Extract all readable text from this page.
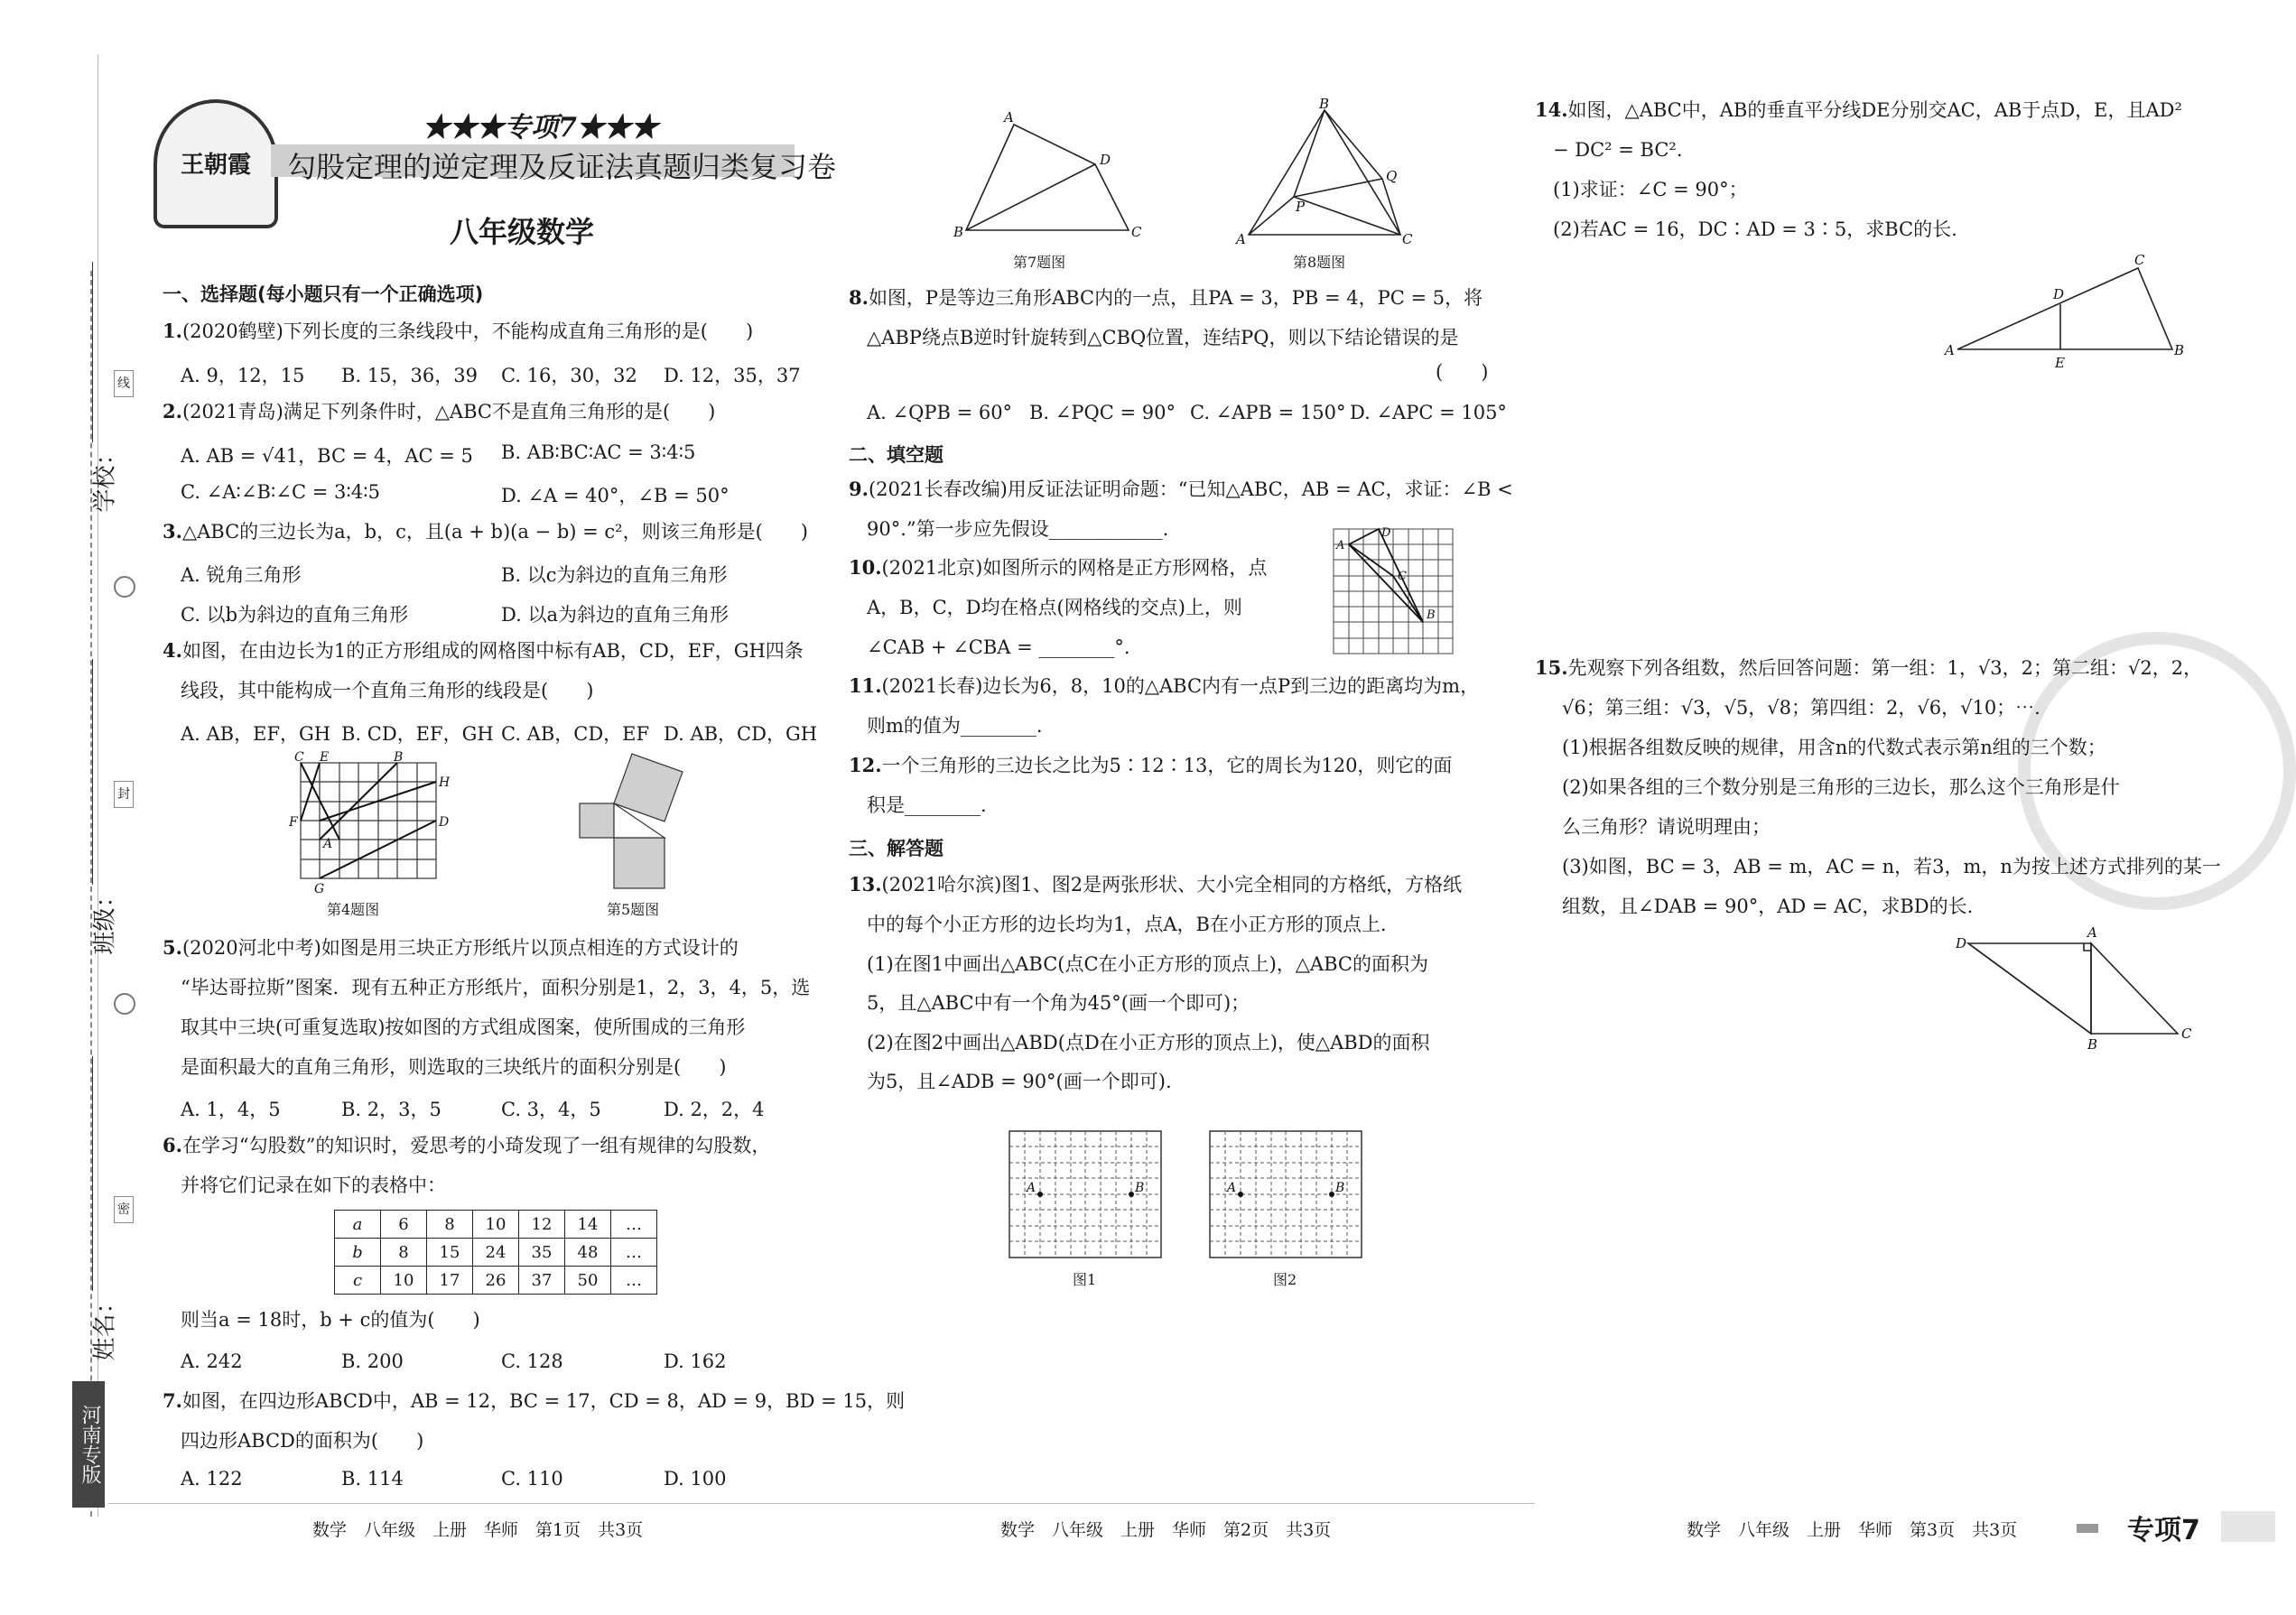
学校：
班级：
姓名：
线
封
密
河南专版
王朝霞
★★★专项7★★★
勾股定理的逆定理及反证法真题归类复习卷
八年级数学
一、选择题(每小题只有一个正确选项)
1.(2020鹤壁)下列长度的三条线段中，不能构成直角三角形的是(　　)
A. 9，12，15 B. 15，36，39 C. 16，30，32 D. 12，35，37
2.(2021青岛)满足下列条件时，△ABC不是直角三角形的是(　　)
A. AB = √41，BC = 4，AC = 5 B. AB∶BC∶AC = 3∶4∶5
C. ∠A∶∠B∶∠C = 3∶4∶5	D. ∠A = 40°，∠B = 50°
3.△ABC的三边长为a，b，c，且(a + b)(a − b) = c²，则该三角形是(　　)
A. 锐角三角形	B. 以c为斜边的直角三角形
C. 以b为斜边的直角三角形	D. 以a为斜边的直角三角形
4.如图，在由边长为1的正方形组成的网格图中标有AB，CD，EF，GH四条
线段，其中能构成一个直角三角形的线段是(　　)
A. AB，EF，GH B. CD，EF，GH C. AB，CD，EF D. AB，CD，GH
C E	B
H
F
A
D
G
第4题图	第5题图
5.(2020河北中考)如图是用三块正方形纸片以顶点相连的方式设计的
“毕达哥拉斯”图案．现有五种正方形纸片，面积分别是1，2，3，4，5，选
取其中三块(可重复选取)按如图的方式组成图案，使所围成的三角形
是面积最大的直角三角形，则选取的三块纸片的面积分别是(　　)
A. 1，4，5	B. 2，3，5	C. 3，4，5	D. 2，2，4
6.在学习“勾股数”的知识时，爱思考的小琦发现了一组有规律的勾股数，
并将它们记录在如下的表格中：
a	6	8	10	12	14	…
b	8	15	24	35	48	…
c	10	17	26	37	50	…
则当a = 18时，b + c的值为(　　)
A. 242	B. 200	C. 128	D. 162
7.如图，在四边形ABCD中，AB = 12，BC = 17，CD = 8，AD = 9，BD = 15，则
四边形ABCD的面积为(　　)
A. 122	B. 114	C. 110	D. 100
A
D
B	C
第7题图
B
Q
P
A	C
第8题图
8.如图，P是等边三角形ABC内的一点，且PA = 3，PB = 4，PC = 5，将
△ABP绕点B逆时针旋转到△CBQ位置，连结PQ，则以下结论错误的是
(　　)
A. ∠QPB = 60° B. ∠PQC = 90° C. ∠APB = 150° D. ∠APC = 105°
二、填空题
9.(2021长春改编)用反证法证明命题：“已知△ABC，AB = AC，求证：∠B <
90°.”第一步应先假设____________.
10.(2021北京)如图所示的网格是正方形网格，点
A，B，C，D均在格点(网格线的交点)上，则
∠CAB + ∠CBA = ________°.
A
D
C
B
11.(2021长春)边长为6，8，10的△ABC内有一点P到三边的距离均为m，
则m的值为________.
12.一个三角形的三边长之比为5∶12∶13，它的周长为120，则它的面
积是________.
三、解答题
13.(2021哈尔滨)图1、图2是两张形状、大小完全相同的方格纸，方格纸
中的每个小正方形的边长均为1，点A，B在小正方形的顶点上．
(1)在图1中画出△ABC(点C在小正方形的顶点上)，△ABC的面积为
5，且△ABC中有一个角为45°(画一个即可)；
(2)在图2中画出△ABD(点D在小正方形的顶点上)，使△ABD的面积
为5，且∠ADB = 90°(画一个即可).
A	B
图1
A	B
图2
14.如图，△ABC中，AB的垂直平分线DE分别交AC，AB于点D，E，且AD²
− DC² = BC².
(1)求证：∠C = 90°；
(2)若AC = 16，DC∶AD = 3∶5，求BC的长.
A
C
D
E
B
15.先观察下列各组数，然后回答问题：第一组：1，√3，2；第二组：√2，2，
√6；第三组：√3，√5，√8；第四组：2，√6，√10；⋯.
(1)根据各组数反映的规律，用含n的代数式表示第n组的三个数；
(2)如果各组的三个数分别是三角形的三边长，那么这个三角形是什
么三角形？请说明理由；
(3)如图，BC = 3，AB = m，AC = n，若3，m，n为按上述方式排列的某一
组数，且∠DAB = 90°，AD = AC，求BD的长.
D
A
B
C
数学　八年级　上册　华师　第1页　共3页	数学　八年级　上册　华师　第2页　共3页	数学　八年级　上册　华师　第3页　共3页	专项7
